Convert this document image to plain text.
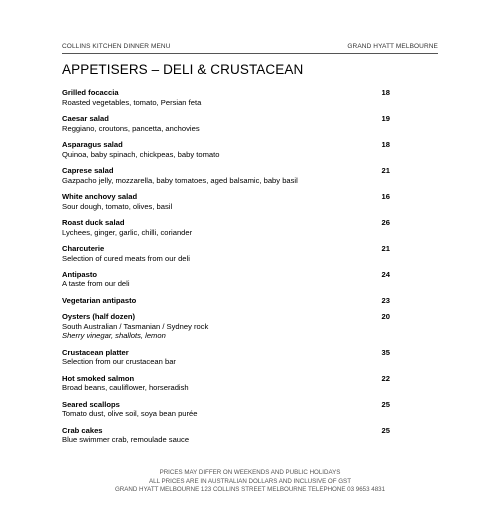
COLLINS KITCHEN DINNER MENU	GRAND HYATT MELBOURNE
APPETISERS – DELI & CRUSTACEAN
Grilled focaccia	18
Roasted vegetables, tomato, Persian feta
Caesar salad	19
Reggiano, croutons, pancetta, anchovies
Asparagus salad	18
Quinoa, baby spinach, chickpeas, baby tomato
Caprese salad	21
Gazpacho jelly, mozzarella, baby tomatoes, aged balsamic, baby basil
White anchovy salad	16
Sour dough, tomato, olives, basil
Roast duck salad	26
Lychees, ginger, garlic, chilli, coriander
Charcuterie	21
Selection of cured meats from our deli
Antipasto	24
A taste from our deli
Vegetarian antipasto	23
Oysters (half dozen)	20
South Australian / Tasmanian / Sydney rock
Sherry vinegar, shallots, lemon
Crustacean platter	35
Selection from our crustacean bar
Hot smoked salmon	22
Broad beans, cauliflower, horseradish
Seared scallops	25
Tomato dust, olive soil, soya bean purée
Crab cakes	25
Blue swimmer crab, remoulade sauce
PRICES MAY DIFFER ON WEEKENDS AND PUBLIC HOLIDAYS
ALL PRICES ARE IN AUSTRALIAN DOLLARS AND INCLUSIVE OF GST
GRAND HYATT MELBOURNE 123 COLLINS STREET MELBOURNE TELEPHONE 03 9653 4831
